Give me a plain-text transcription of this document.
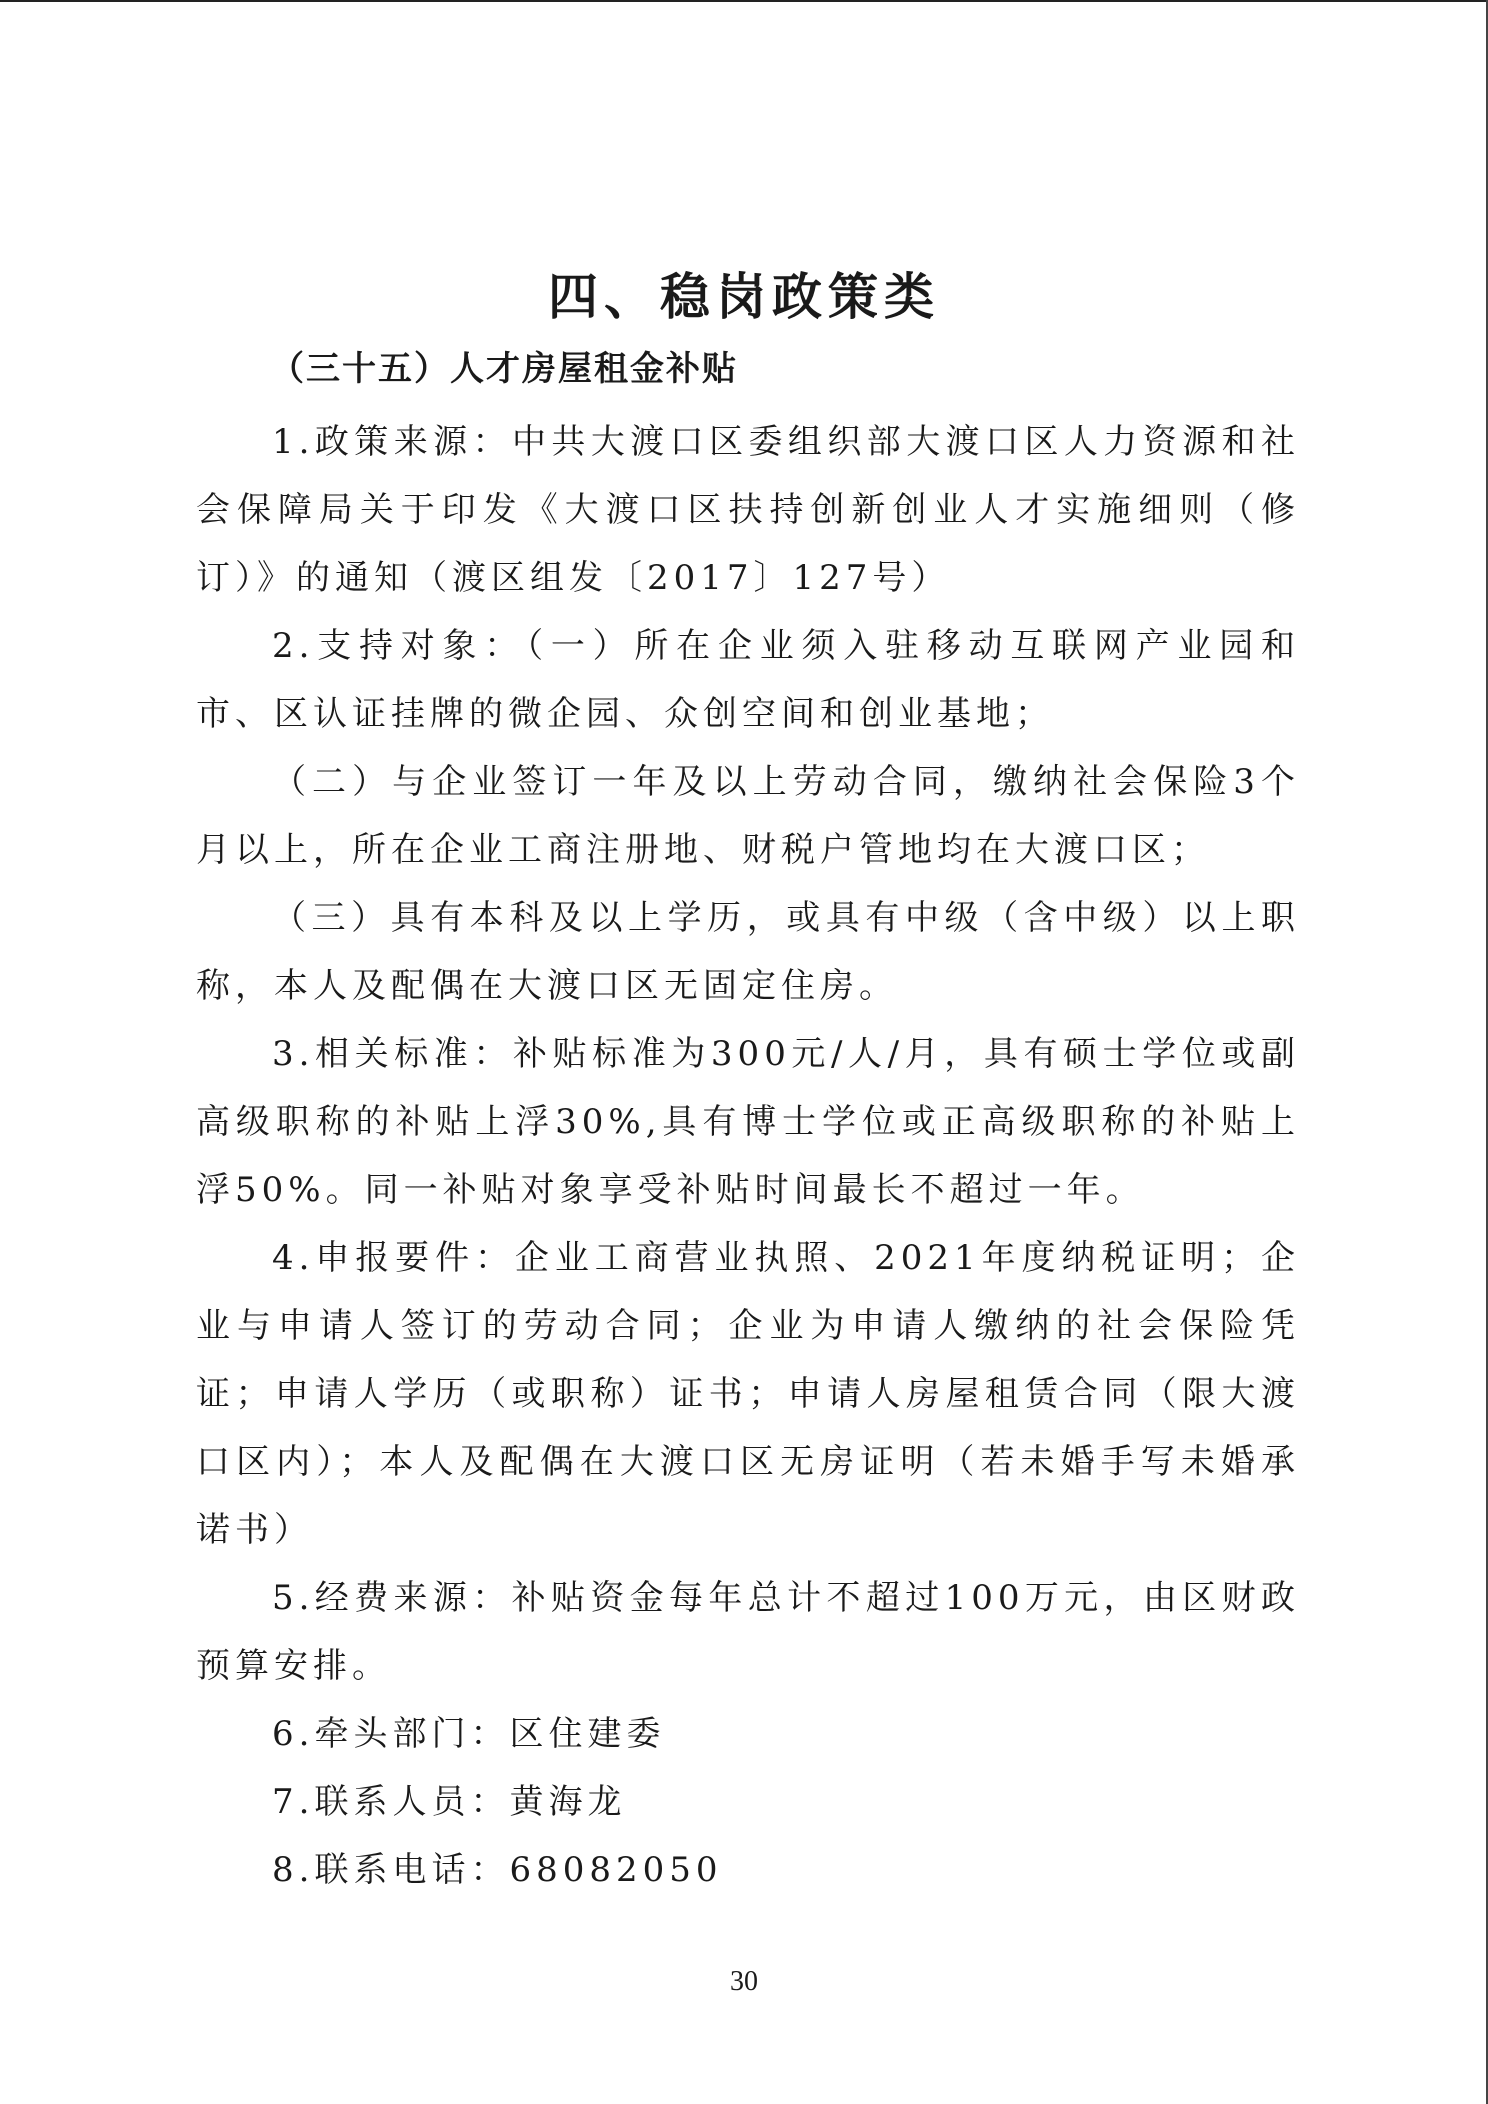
四、稳岗政策类
（三十五）人才房屋租金补贴

1.政策来源：中共大渡口区委组织部大渡口区人力资源和社会保障局关于印发《大渡口区扶持创新创业人才实施细则（修订）》的通知（渡区组发〔2017〕127号）

2.支持对象：（一）所在企业须入驻移动互联网产业园和市、区认证挂牌的微企园、众创空间和创业基地；

（二）与企业签订一年及以上劳动合同，缴纳社会保险3个月以上，所在企业工商注册地、财税户管地均在大渡口区；

（三）具有本科及以上学历，或具有中级（含中级）以上职称，本人及配偶在大渡口区无固定住房。

3.相关标准：补贴标准为300元/人/月，具有硕士学位或副高级职称的补贴上浮30%,具有博士学位或正高级职称的补贴上浮50%。同一补贴对象享受补贴时间最长不超过一年。

4.申报要件：企业工商营业执照、2021年度纳税证明；企业与申请人签订的劳动合同；企业为申请人缴纳的社会保险凭证；申请人学历（或职称）证书；申请人房屋租赁合同（限大渡口区内）；本人及配偶在大渡口区无房证明（若未婚手写未婚承诺书）

5.经费来源：补贴资金每年总计不超过100万元，由区财政预算安排。

6.牵头部门：区住建委

7.联系人员：黄海龙

8.联系电话：68082050

30
